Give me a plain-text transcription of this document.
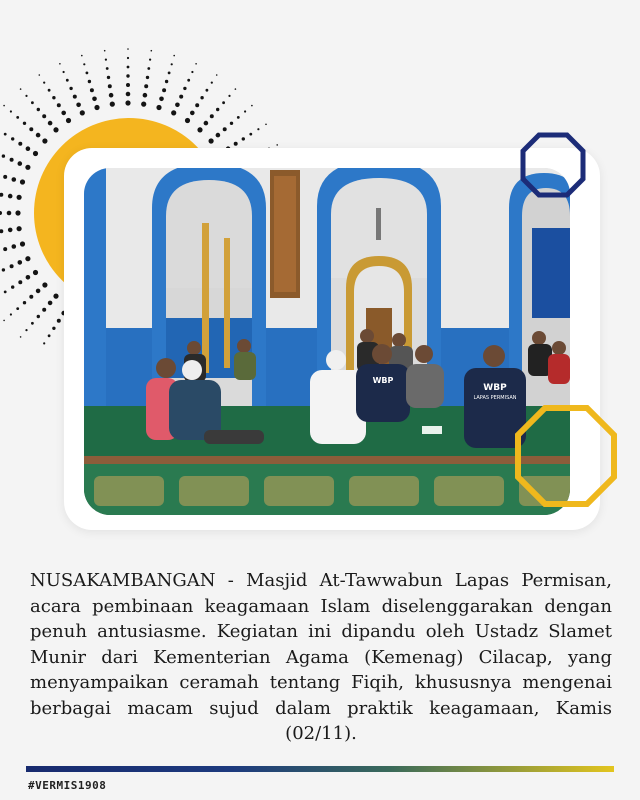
WBP
WBP
LAPAS PERMISAN
NUSAKAMBANGAN - Masjid At-Tawwabun Lapas Permisan, acara pembinaan keagamaan Islam diselenggarakan dengan penuh antusiasme. Kegiatan ini dipandu oleh Ustadz Slamet Munir dari Kementerian Agama (Kemenag) Cilacap, yang menyampaikan ceramah tentang Fiqih, khususnya mengenai berbagai macam sujud dalam praktik keagamaan, Kamis (02/11).
#VERMIS1908
